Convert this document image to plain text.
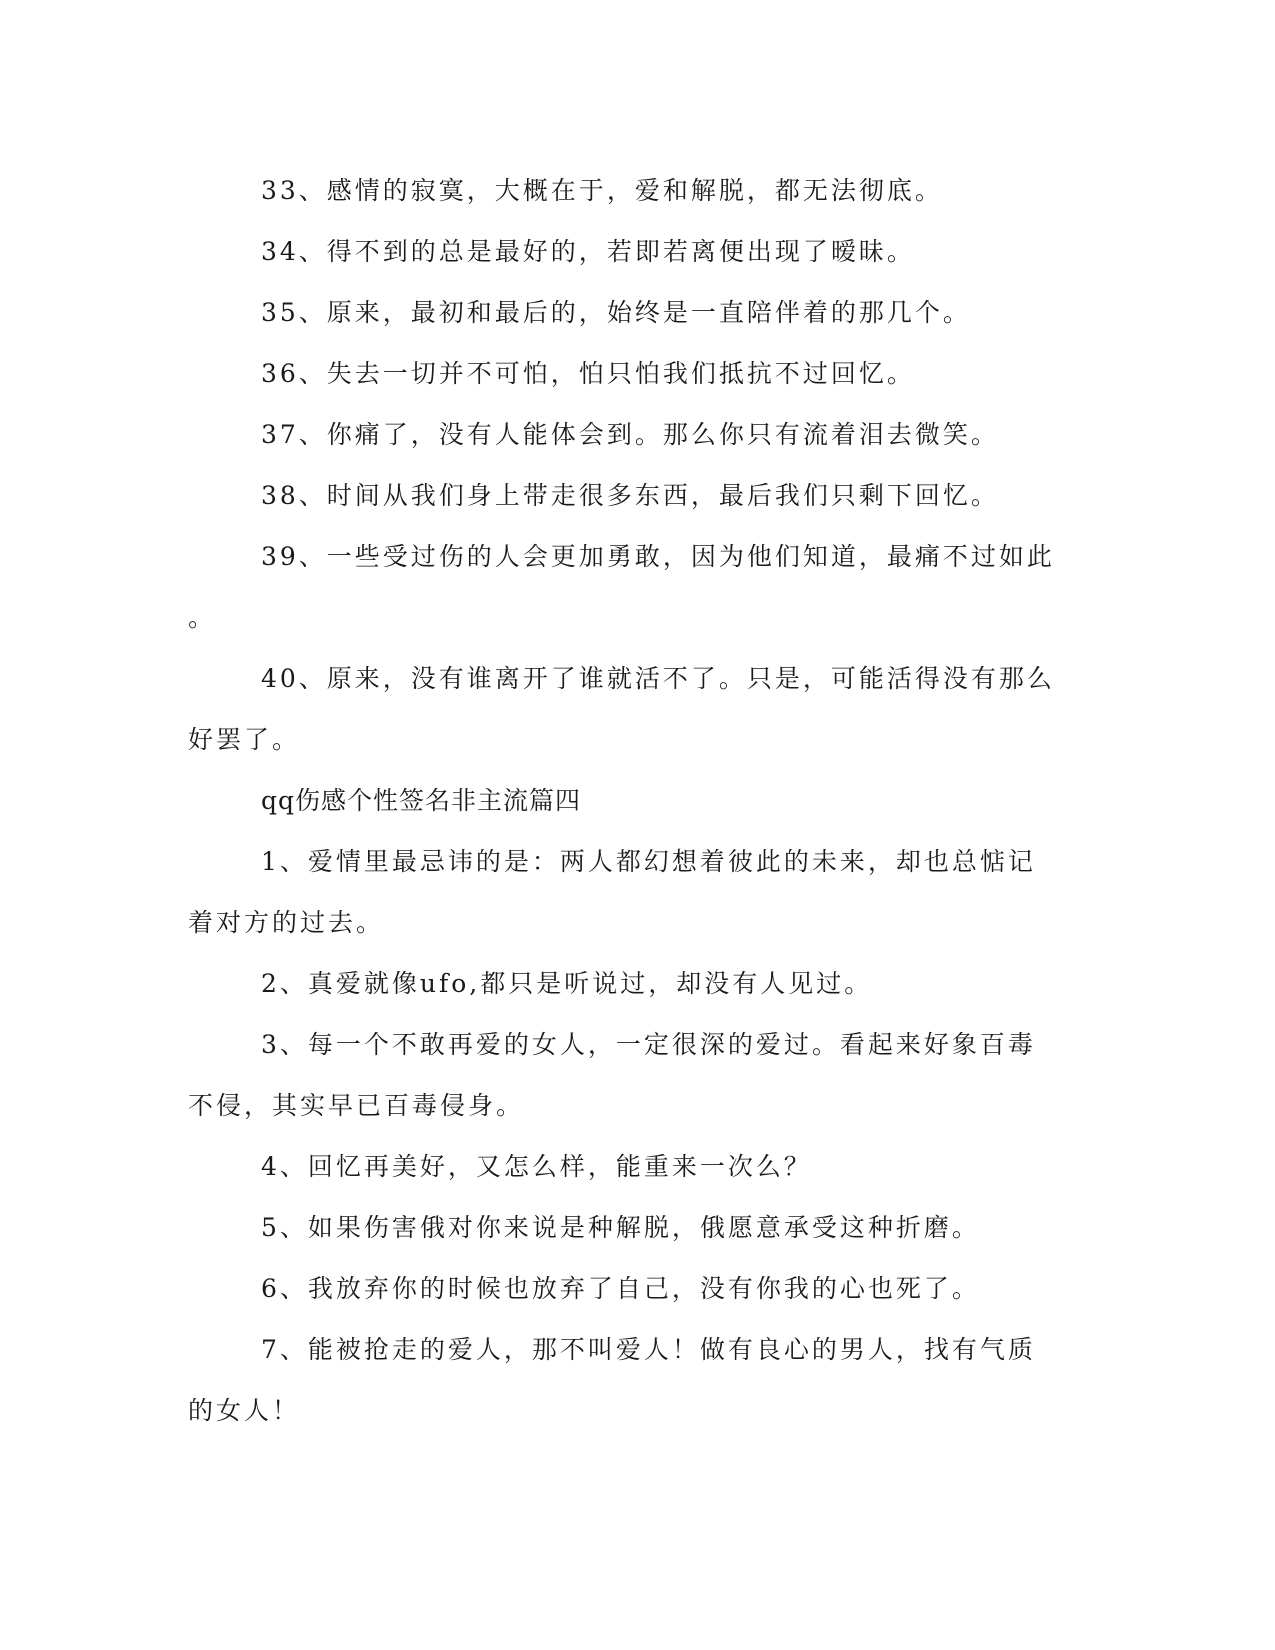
33、感情的寂寞，大概在于，爱和解脱，都无法彻底。
34、得不到的总是最好的，若即若离便出现了暧昧。
35、原来，最初和最后的，始终是一直陪伴着的那几个。
36、失去一切并不可怕，怕只怕我们抵抗不过回忆。
37、你痛了，没有人能体会到。那么你只有流着泪去微笑。
38、时间从我们身上带走很多东西，最后我们只剩下回忆。
39、一些受过伤的人会更加勇敢，因为他们知道，最痛不过如此
。
40、原来，没有谁离开了谁就活不了。只是，可能活得没有那么
好罢了。
qq伤感个性签名非主流篇四
1、爱情里最忌讳的是：两人都幻想着彼此的未来，却也总惦记
着对方的过去。
2、真爱就像ufo,都只是听说过，却没有人见过。
3、每一个不敢再爱的女人，一定很深的爱过。看起来好象百毒
不侵，其实早已百毒侵身。
4、回忆再美好，又怎么样，能重来一次么？
5、如果伤害俄对你来说是种解脱，俄愿意承受这种折磨。
6、我放弃你的时候也放弃了自己，没有你我的心也死了。
7、能被抢走的爱人，那不叫爱人！做有良心的男人，找有气质
的女人！
